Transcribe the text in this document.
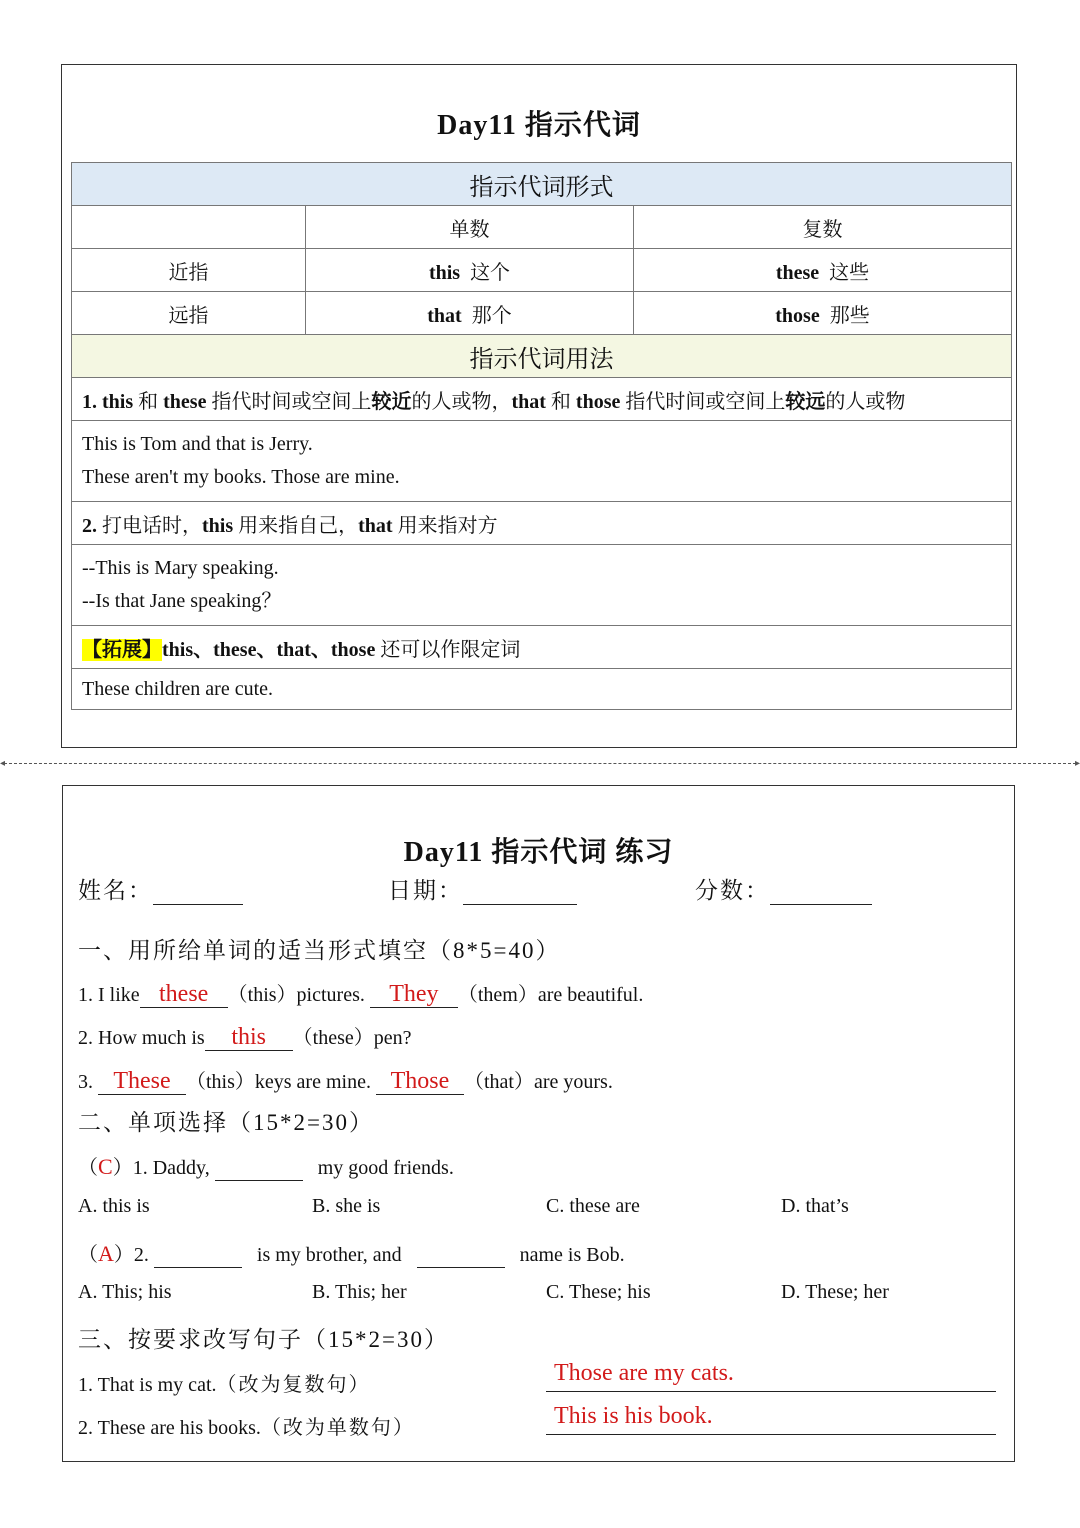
Day11 指示代词
指示代词形式		
	单数	复数
近指	this 这个	these 这些
远指	that 那个	those 那些
指示代词用法		
1. this 和 these 指代时间或空间上较近的人或物，that 和 those 指代时间或空间上较远的人或物		

This is Tom and that is Jerry.
These aren't my books. Those are mine.		

2. 打电话时，this 用来指自己，that 用来指对方		

--This is Mary speaking.
--Is that Jane speaking？		

【拓展】this、these、that、those 还可以作限定词		
These children are cute.		
◂	▸
Day11 指示代词 练习
姓名：	日期：	分数：
一、用所给单词的适当形式填空（8*5=40）
1. I like these （this）pictures. They （them）are beautiful.
2. How much is this （these）pen?
3. These （this）keys are mine. Those （that）are yours.
二、单项选择（15*2=30）
（C）1. Daddy,	my good friends.
A. this is	B. she is	C. these are	D. that’s
（A）2.	is my brother, and	name is Bob.
A. This; his	B. This; her	C. These; his	D. These; her
三、按要求改写句子（15*2=30）
1. That is my cat.（改为复数句）	Those are my cats.
2. These are his books.（改为单数句）	This is his book.
